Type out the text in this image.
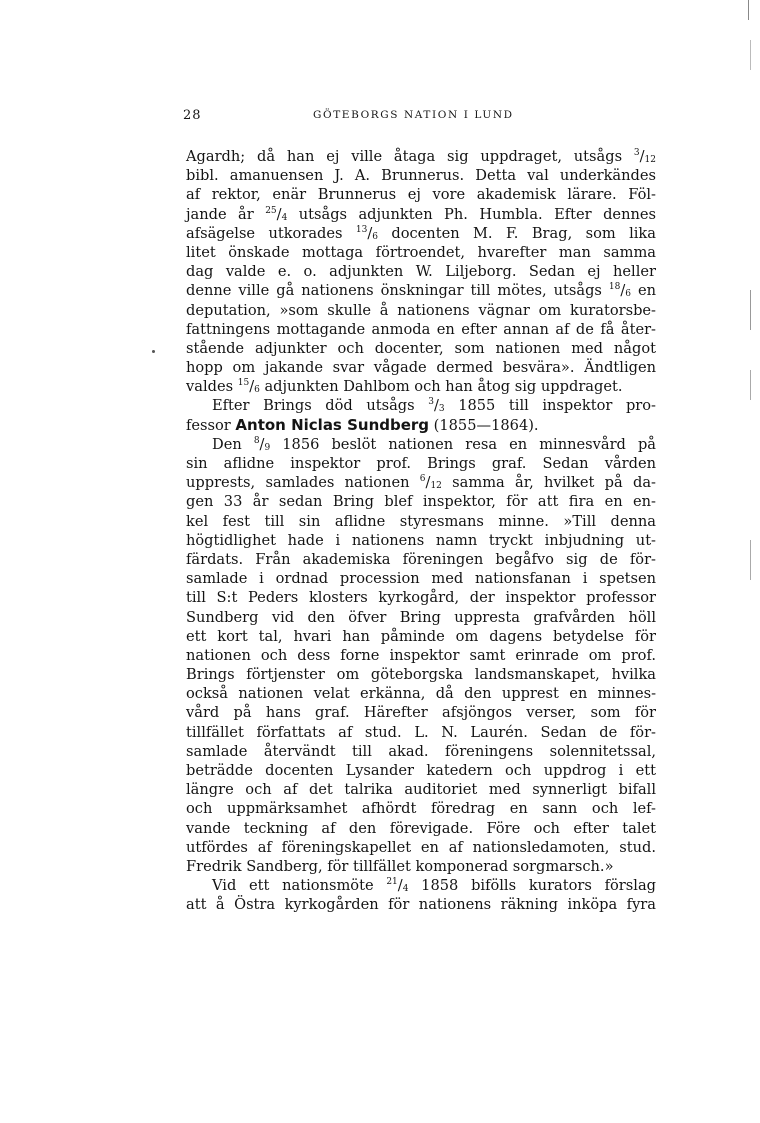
28	GÖTEBORGS NATION I LUND
Agardh; då han ej ville åtaga sig uppdraget, utsågs $^3/_{12}$
bibl. amanuensen J. A. Brunnerus. Detta val underkändes
af rektor, enär Brunnerus ej vore akademisk lärare. Föl-
jande år $^{25}/_4$ utsågs adjunkten Ph. Humbla. Efter dennes
afsägelse utkorades $^{13}/_6$ docenten M. F. Brag, som lika
litet önskade mottaga förtroendet, hvarefter man samma
dag valde e. o. adjunkten W. Liljeborg. Sedan ej heller
denne ville gå nationens önskningar till mötes, utsågs $^{18}/_6$ en
deputation, »som skulle å nationens vägnar om kuratorsbe-
fattningens mottagande anmoda en efter annan af de få åter-
stående adjunkter och docenter, som nationen med något
hopp om jakande svar vågade dermed besvära». Ändtligen
valdes $^{15}/_6$ adjunkten Dahlbom och han åtog sig uppdraget.
Efter Brings död utsågs $^3/_3$ 1855 till inspektor pro-
fessor Anton Niclas Sundberg (1855—1864).
Den $^8/_9$ 1856 beslöt nationen resa en minnesvård på
sin aflidne inspektor prof. Brings graf. Sedan vården
upprests, samlades nationen $^6/_{12}$ samma år, hvilket på da-
gen 33 år sedan Bring blef inspektor, för att fira en en-
kel fest till sin aflidne styresmans minne. »Till denna
högtidlighet hade i nationens namn tryckt inbjudning ut-
färdats. Från akademiska föreningen begåfvo sig de för-
samlade i ordnad procession med nationsfanan i spetsen
till S:t Peders klosters kyrkogård, der inspektor professor
Sundberg vid den öfver Bring uppresta grafvården höll
ett kort tal, hvari han påminde om dagens betydelse för
nationen och dess forne inspektor samt erinrade om prof.
Brings förtjenster om göteborgska landsmanskapet, hvilka
också nationen velat erkänna, då den upprest en minnes-
vård på hans graf. Härefter afsjöngos verser, som för
tillfället författats af stud. L. N. Laurén. Sedan de för-
samlade återvändt till akad. föreningens solennitetssal,
beträdde docenten Lysander katedern och uppdrog i ett
längre och af det talrika auditoriet med synnerligt bifall
och uppmärksamhet afhördt föredrag en sann och lef-
vande teckning af den förevigade. Före och efter talet
utfördes af föreningskapellet en af nationsledamoten, stud.
Fredrik Sandberg, för tillfället komponerad sorgmarsch.»
Vid ett nationsmöte $^{21}/_4$ 1858 bifölls kurators förslag
att å Östra kyrkogården för nationens räkning inköpa fyra
